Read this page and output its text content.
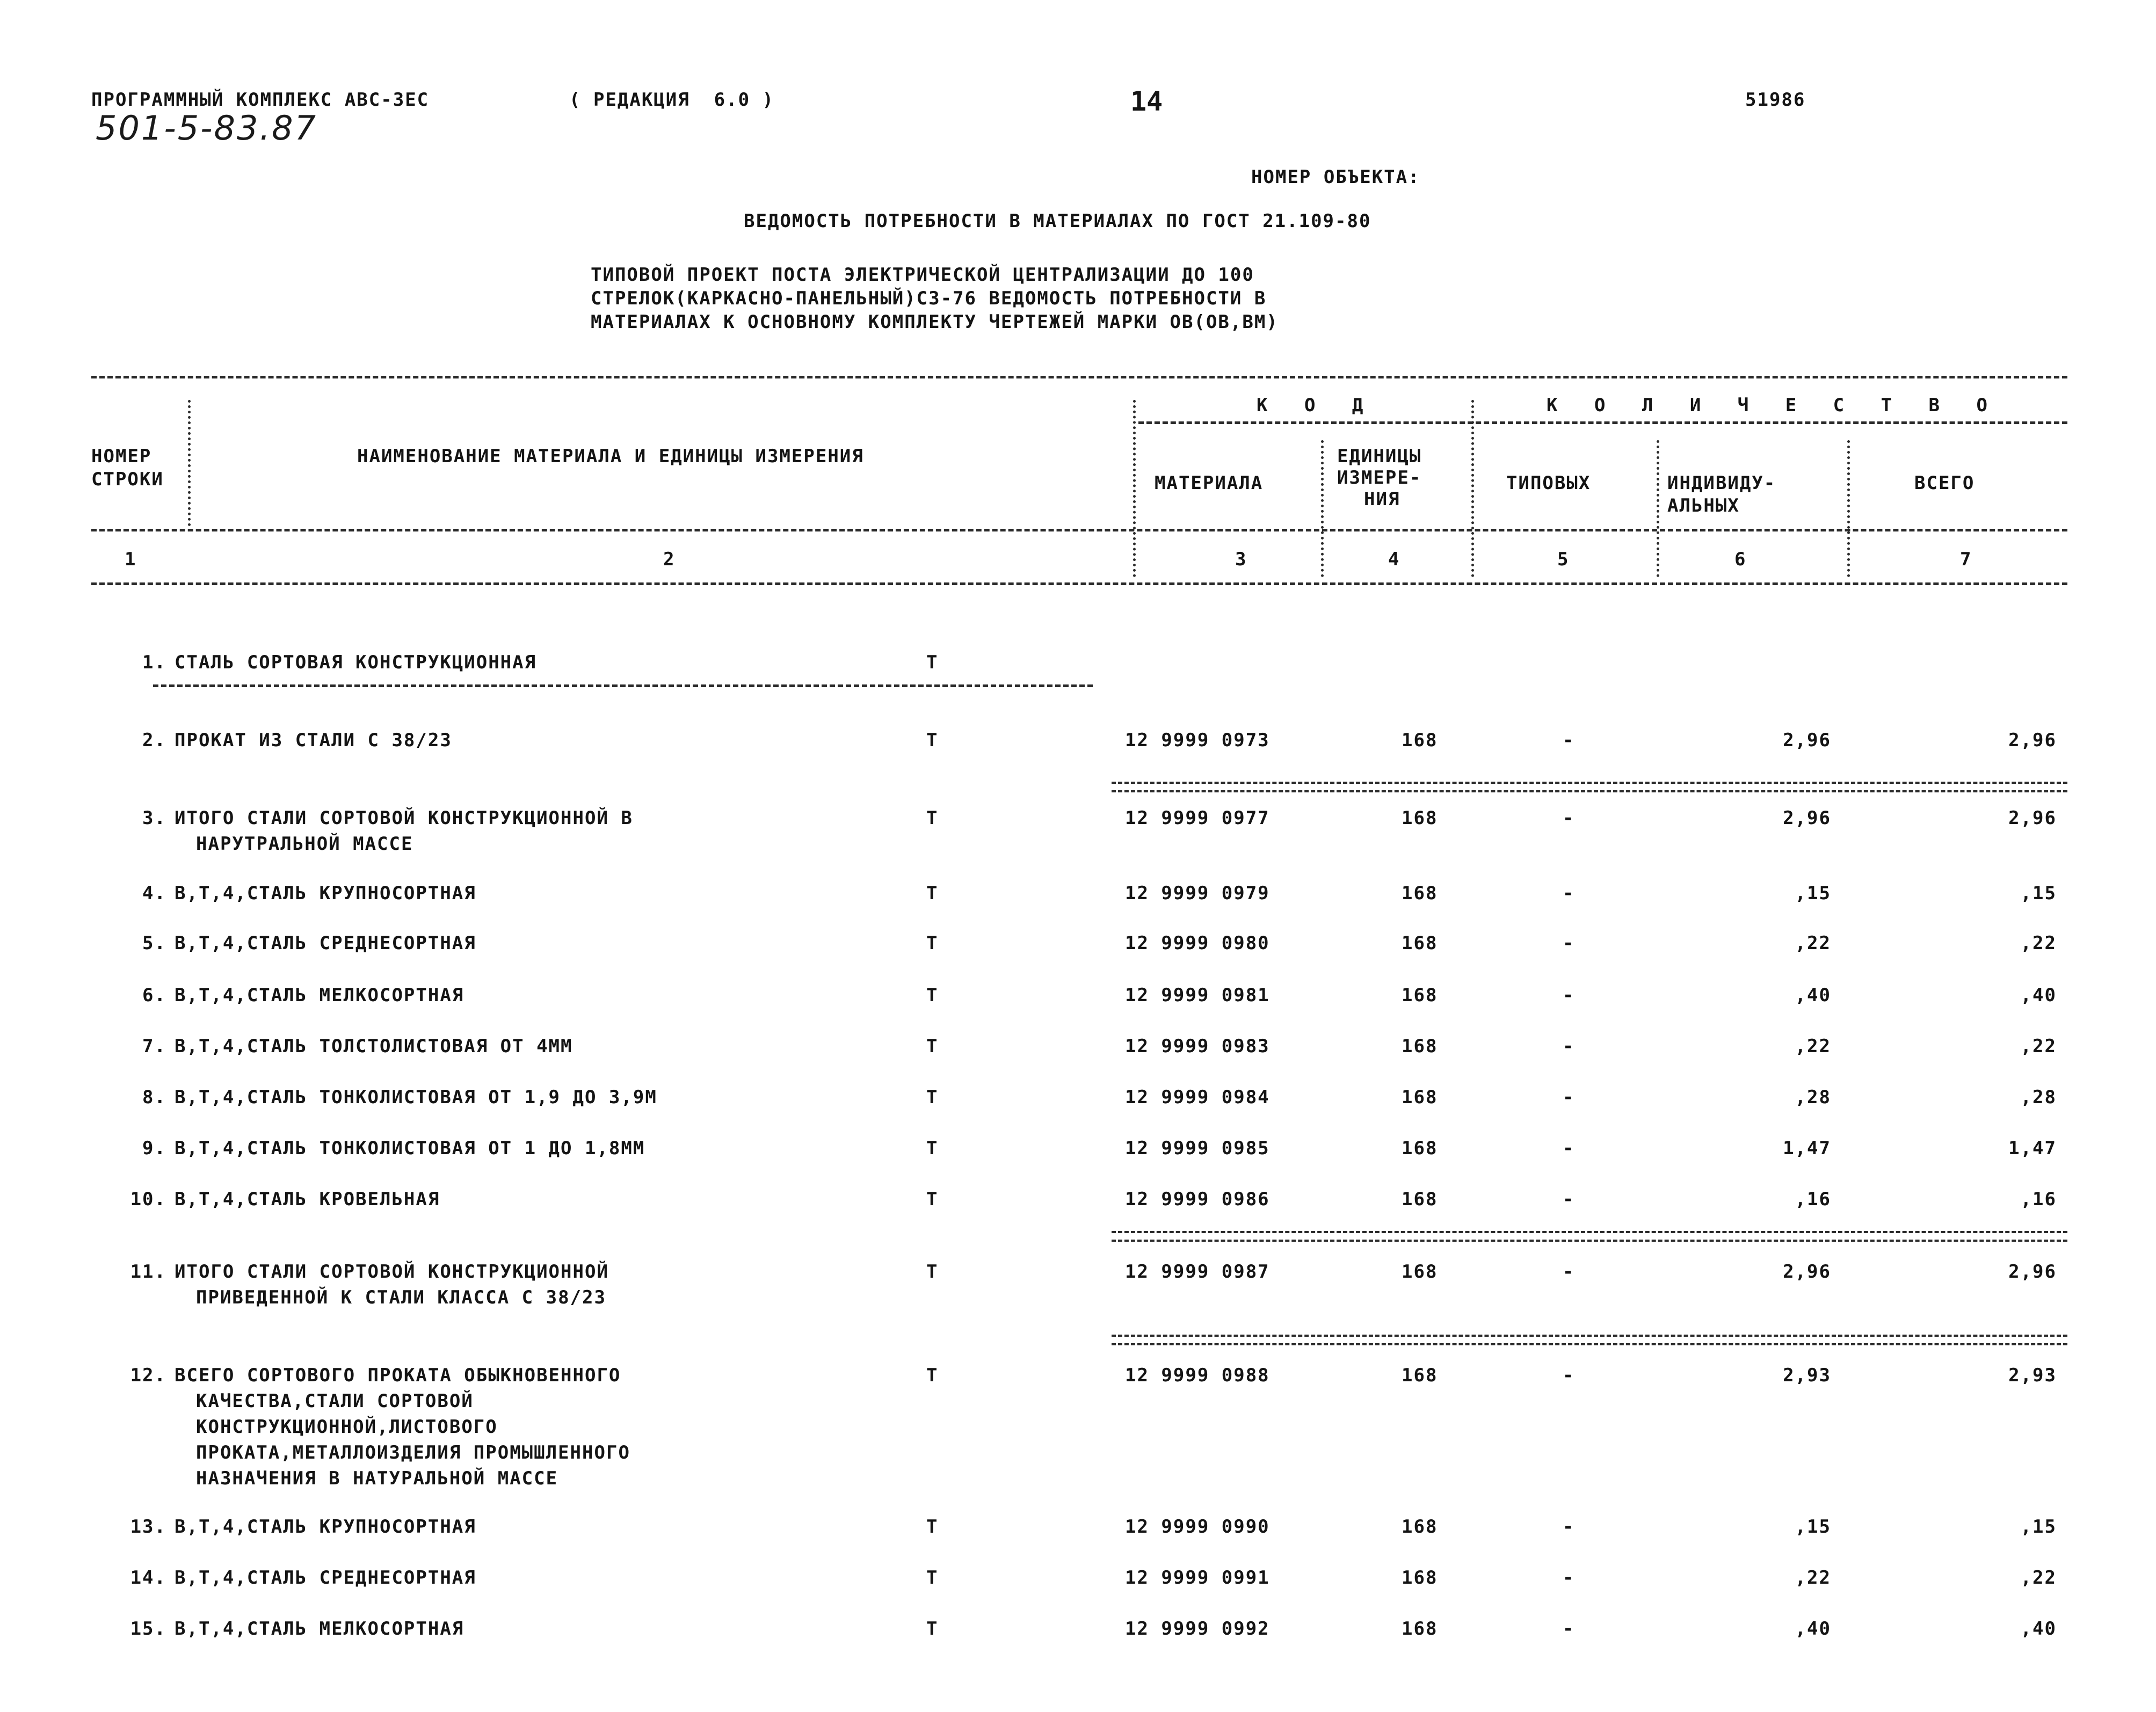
ПРОГРАММНЫЙ КОМПЛЕКС АВС-3ЕС	( РЕДАКЦИЯ  6.0 )	14	51986
501-5-83.87
НОМЕР ОБЪЕКТА:
ВЕДОМОСТЬ ПОТРЕБНОСТИ В МАТЕРИАЛАХ ПО ГОСТ 21.109-80
ТИПОВОЙ ПРОЕКТ ПОСТА ЭЛЕКТРИЧЕСКОЙ ЦЕНТРАЛИЗАЦИИ ДО 100
СТРЕЛОК(КАРКАСНО-ПАНЕЛЬНЫЙ)СЗ-76 ВЕДОМОСТЬ ПОТРЕБНОСТИ В
МАТЕРИАЛАХ К ОСНОВНОМУ КОМПЛЕКТУ ЧЕРТЕЖЕЙ МАРКИ ОВ(ОВ,ВМ)
НОМЕР
СТРОКИ
НАИМЕНОВАНИЕ МАТЕРИАЛА И ЕДИНИЦЫ ИЗМЕРЕНИЯ
К О Д	К О Л И Ч Е С Т В О
МАТЕРИАЛА
ЕДИНИЦЫ
ИЗМЕРЕ-
НИЯ
ТИПОВЫХ	ИНДИВИДУ-
АЛЬНЫХ
ВСЕГО
1	2	3	4	5	6	7
1. СТАЛЬ СОРТОВАЯ КОНСТРУКЦИОННАЯ	Т
2. ПРОКАТ ИЗ СТАЛИ С 38/23	Т	12 9999 0973	168	-	2,96	2,96
3. ИТОГО СТАЛИ СОРТОВОЙ КОНСТРУКЦИОННОЙ В
НАРУТРАЛЬНОЙ МАССЕ
Т	12 9999 0977	168	-	2,96	2,96
4. В,Т,4,СТАЛЬ КРУПНОСОРТНАЯ	Т	12 9999 0979	168	-	,15	,15
5. В,Т,4,СТАЛЬ СРЕДНЕСОРТНАЯ	Т	12 9999 0980	168	-	,22	,22
6. В,Т,4,СТАЛЬ МЕЛКОСОРТНАЯ	Т	12 9999 0981	168	-	,40	,40
7. В,Т,4,СТАЛЬ ТОЛСТОЛИСТОВАЯ ОТ 4ММ	Т	12 9999 0983	168	-	,22	,22
8. В,Т,4,СТАЛЬ ТОНКОЛИСТОВАЯ ОТ 1,9 ДО 3,9М	Т	12 9999 0984	168	-	,28	,28
9. В,Т,4,СТАЛЬ ТОНКОЛИСТОВАЯ ОТ 1 ДО 1,8ММ	Т	12 9999 0985	168	-	1,47	1,47
10. В,Т,4,СТАЛЬ КРОВЕЛЬНАЯ	Т	12 9999 0986	168	-	,16	,16
11. ИТОГО СТАЛИ СОРТОВОЙ КОНСТРУКЦИОННОЙ
ПРИВЕДЕННОЙ К СТАЛИ КЛАССА С 38/23
Т	12 9999 0987	168	-	2,96	2,96
12. ВСЕГО СОРТОВОГО ПРОКАТА ОБЫКНОВЕННОГО
КАЧЕСТВА,СТАЛИ СОРТОВОЙ
КОНСТРУКЦИОННОЙ,ЛИСТОВОГО
ПРОКАТА,МЕТАЛЛОИЗДЕЛИЯ ПРОМЫШЛЕННОГО
НАЗНАЧЕНИЯ В НАТУРАЛЬНОЙ МАССЕ
Т	12 9999 0988	168	-	2,93	2,93
13. В,Т,4,СТАЛЬ КРУПНОСОРТНАЯ	Т	12 9999 0990	168	-	,15	,15
14. В,Т,4,СТАЛЬ СРЕДНЕСОРТНАЯ	Т	12 9999 0991	168	-	,22	,22
15. В,Т,4,СТАЛЬ МЕЛКОСОРТНАЯ	Т	12 9999 0992	168	-	,40	,40
